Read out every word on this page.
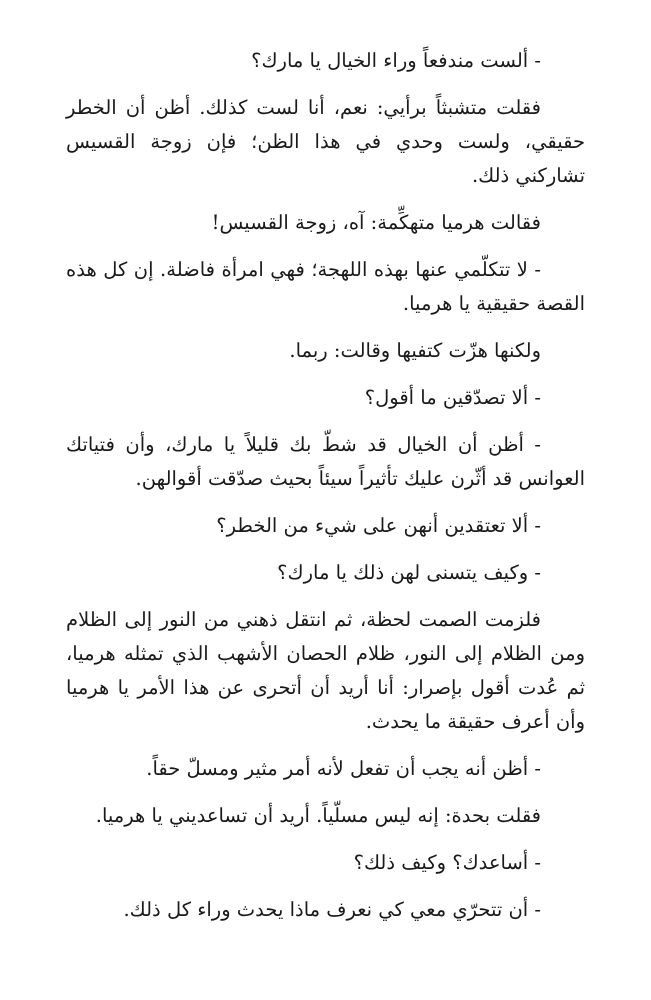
- ألست مندفعاً وراء الخيال يا مارك؟

فقلت متشبثاً برأيي: نعم، أنا لست كذلك. أظن أن الخطر حقيقي، ولست وحدي في هذا الظن؛ فإن زوجة القسيس تشاركني ذلك.

فقالت هرميا متهكِّمة: آه، زوجة القسيس!

- لا تتكلّمي عنها بهذه اللهجة؛ فهي امرأة فاضلة. إن كل هذه القصة حقيقية يا هرميا.

ولكنها هزّت كتفيها وقالت: ربما.

- ألا تصدّقين ما أقول؟

- أظن أن الخيال قد شطّ بك قليلاً يا مارك، وأن فتياتك العوانس قد أثّرن عليك تأثيراً سيئاً بحيث صدّقت أقوالهن.

- ألا تعتقدين أنهن على شيء من الخطر؟

- وكيف يتسنى لهن ذلك يا مارك؟

فلزمت الصمت لحظة، ثم انتقل ذهني من النور إلى الظلام ومن الظلام إلى النور، ظلام الحصان الأشهب الذي تمثله هرميا، ثم عُدت أقول بإصرار: أنا أريد أن أتحرى عن هذا الأمر يا هرميا وأن أعرف حقيقة ما يحدث.

- أظن أنه يجب أن تفعل لأنه أمر مثير ومسلّ حقاً.

فقلت بحدة: إنه ليس مسلّياً. أريد أن تساعديني يا هرميا.

- أساعدك؟ وكيف ذلك؟

- أن تتحرّي معي كي نعرف ماذا يحدث وراء كل ذلك.
